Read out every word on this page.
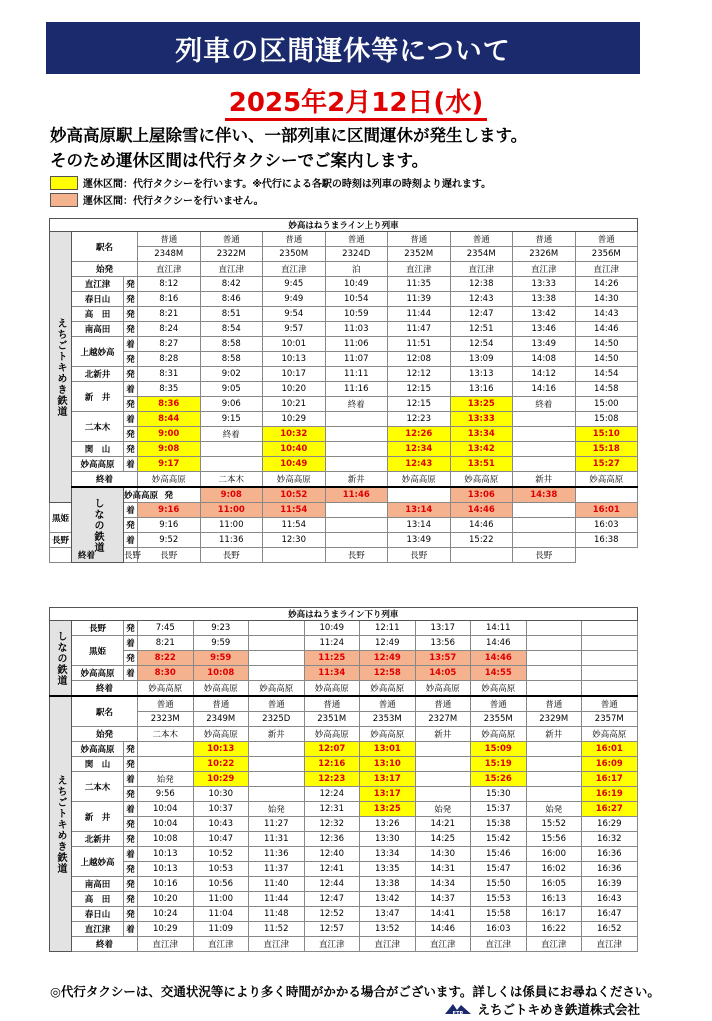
列車の区間運休等について
2025年2月12日(水)
妙高高原駅上屋除雪に伴い、一部列車に区間運休が発生します。
そのため運休区間は代行タクシーでご案内します。
運休区間：代行タクシーを行います。※代行による各駅の時刻は列車の時刻より遅れます。
運休区間：代行タクシーを行いません。
妙高はねうまライン上り列車											
えちごトキめき鉄道	駅名		普通	普通	普通	普通	普通	普通	普通	普通	
			2348M	2322M	2350M	2324D	2352M	2354M	2326M	2356M	
	始発		直江津	直江津	直江津	泊	直江津	直江津	直江津	直江津	
	直江津	発	8:12	8:42	9:45	10:49	11:35	12:38	13:33	14:26	
	春日山	発	8:16	8:46	9:49	10:54	11:39	12:43	13:38	14:30	
	高　田	発	8:21	8:51	9:54	10:59	11:44	12:47	13:42	14:43	
	南高田	発	8:24	8:54	9:57	11:03	11:47	12:51	13:46	14:46	
	上越妙高	着	8:27	8:58	10:01	11:06	11:51	12:54	13:49	14:50	
		発	8:28	8:58	10:13	11:07	12:08	13:09	14:08	14:50	
	北新井	発	8:31	9:02	10:17	11:11	12:12	13:13	14:12	14:54	
	新　井	着	8:35	9:05	10:20	11:16	12:15	13:16	14:16	14:58	
		発	8:36	9:06	10:21	終着	12:15	13:25	終着	15:00	
	二本木	着	8:44	9:15	10:29		12:23	13:33		15:08	
		発	9:00	終着	10:32		12:26	13:34		15:10	
	関　山	発	9:08		10:40		12:34	13:42		15:18	
	妙高高原	着	9:17		10:49		12:43	13:51		15:27	
	終着		妙高高原	二本木	妙高高原	新井	妙高高原	妙高高原	新井	妙高高原	
	しなの鉄道	妙高高原	発	9:08	10:52	11:46		13:06	14:38		
黒姫		着	9:16	11:00	11:54		13:14	14:46		16:01	
		発	9:16	11:00	11:54		13:14	14:46		16:03	
長野		着	9:52	11:36	12:30		13:49	15:22		16:38	
終着		長野	長野	長野		長野	長野		長野		
妙高はねうまライン下り列車											
しなの鉄道	長野	発	7:45	9:23		10:49	12:11	13:17	14:11		
	黒姫	着	8:21	9:59		11:24	12:49	13:56	14:46		
		発	8:22	9:59		11:25	12:49	13:57	14:46		
	妙高高原	着	8:30	10:08		11:34	12:58	14:05	14:55		
	終着		妙高高原	妙高高原	妙高高原	妙高高原	妙高高原	妙高高原	妙高高原		
えちごトキめき鉄道	駅名		普通	普通	普通	普通	普通	普通	普通	普通	普通
			2323M	2349M	2325D	2351M	2353M	2327M	2355M	2329M	2357M
	始発		二本木	妙高高原	新井	妙高高原	妙高高原	新井	妙高高原	新井	妙高高原
	妙高高原	発		10:13		12:07	13:01		15:09		16:01
	関　山	発		10:22		12:16	13:10		15:19		16:09
	二本木	着	始発	10:29		12:23	13:17		15:26		16:17
		発	9:56	10:30		12:24	13:17		15:30		16:19
	新　井	着	10:04	10:37	始発	12:31	13:25	始発	15:37	始発	16:27
		発	10:04	10:43	11:27	12:32	13:26	14:21	15:38	15:52	16:29
	北新井	発	10:08	10:47	11:31	12:36	13:30	14:25	15:42	15:56	16:32
	上越妙高	着	10:13	10:52	11:36	12:40	13:34	14:30	15:46	16:00	16:36
		発	10:13	10:53	11:37	12:41	13:35	14:31	15:47	16:02	16:36
	南高田	発	10:16	10:56	11:40	12:44	13:38	14:34	15:50	16:05	16:39
	高　田	発	10:20	11:00	11:44	12:47	13:42	14:37	15:53	16:13	16:43
	春日山	発	10:24	11:04	11:48	12:52	13:47	14:41	15:58	16:17	16:47
	直江津	着	10:29	11:09	11:52	12:57	13:52	14:46	16:03	16:22	16:52
	終着		直江津	直江津	直江津	直江津	直江津	直江津	直江津	直江津	直江津
◎代行タクシーは、交通状況等により多く時間がかかる場合がございます。詳しくは係員にお尋ねください。
ETR えちごトキめき鉄道株式会社
